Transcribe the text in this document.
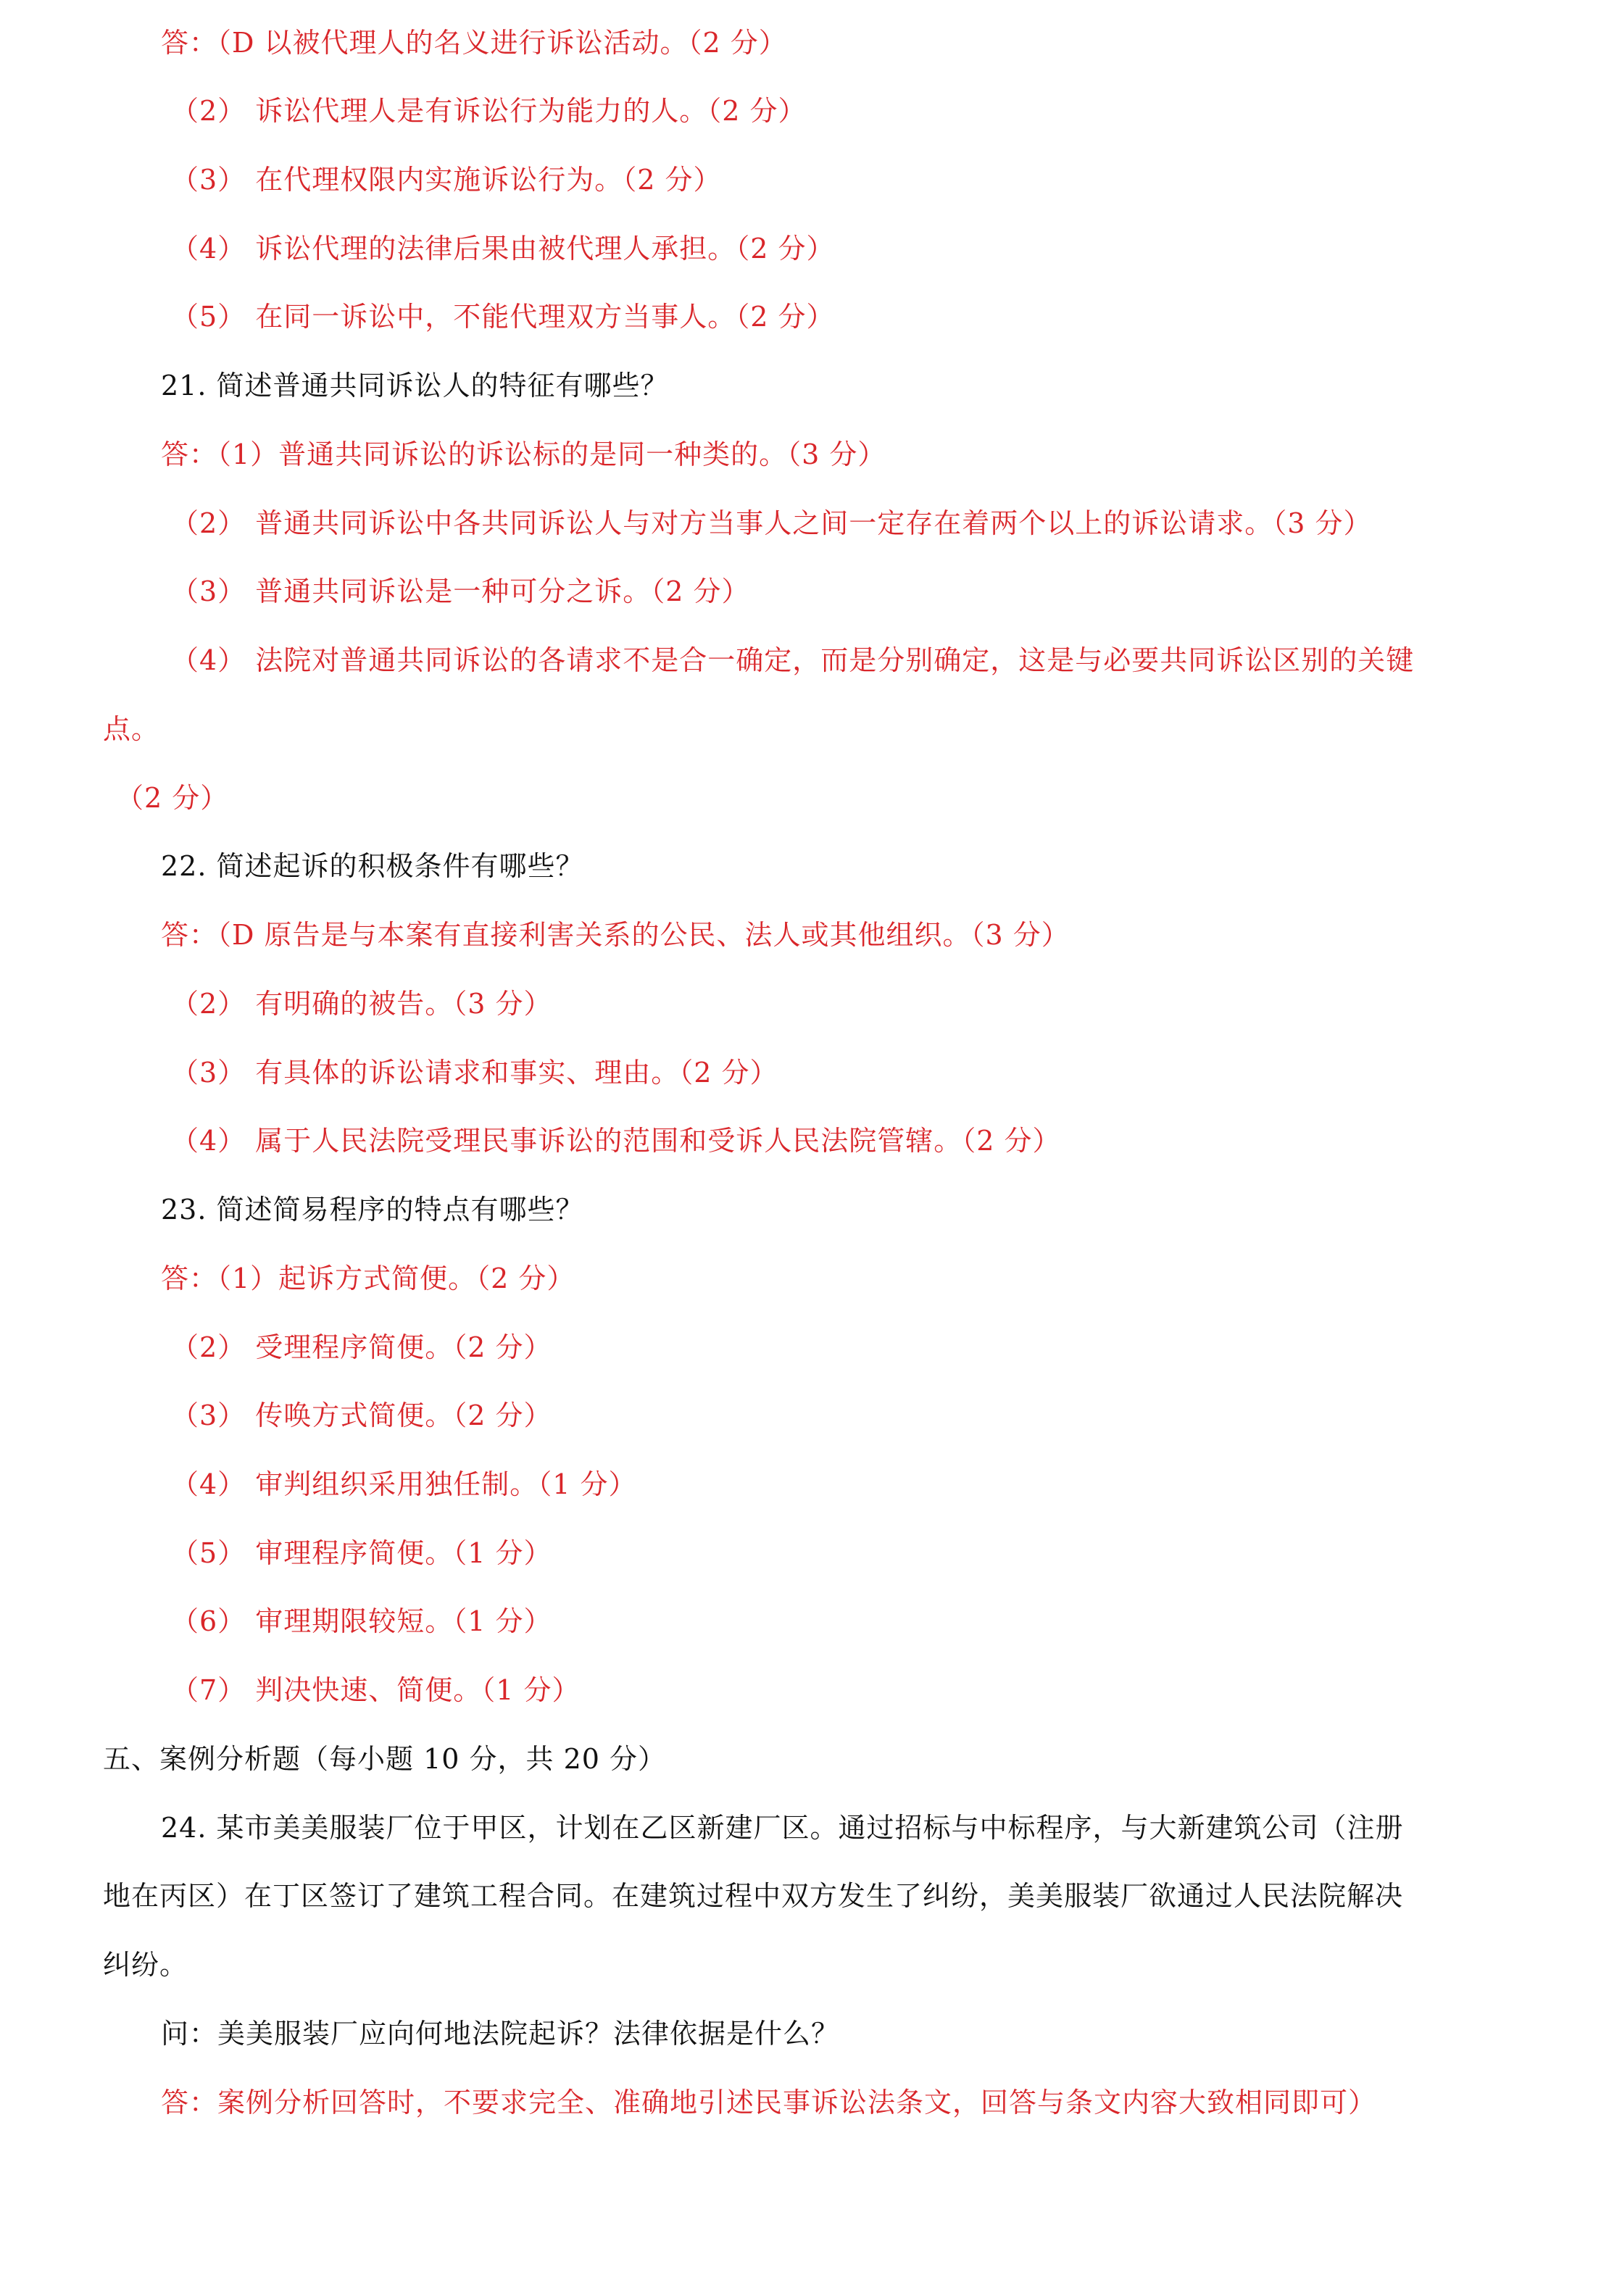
答：（D 以被代理人的名义进行诉讼活动。（2 分）
（2） 诉讼代理人是有诉讼行为能力的人。（2 分）
（3） 在代理权限内实施诉讼行为。（2 分）
（4） 诉讼代理的法律后果由被代理人承担。（2 分）
（5） 在同一诉讼中，不能代理双方当事人。（2 分）
21. 简述普通共同诉讼人的特征有哪些？
答：（1）普通共同诉讼的诉讼标的是同一种类的。（3 分）
（2） 普通共同诉讼中各共同诉讼人与对方当事人之间一定存在着两个以上的诉讼请求。（3 分）
（3） 普通共同诉讼是一种可分之诉。（2 分）
（4） 法院对普通共同诉讼的各请求不是合一确定，而是分别确定，这是与必要共同诉讼区别的关键
点。
（2 分）
22. 简述起诉的积极条件有哪些？
答：（D 原告是与本案有直接利害关系的公民、法人或其他组织。（3 分）
（2） 有明确的被告。（3 分）
（3） 有具体的诉讼请求和事实、理由。（2 分）
（4） 属于人民法院受理民事诉讼的范围和受诉人民法院管辖。（2 分）
23. 简述简易程序的特点有哪些？
答：（1）起诉方式简便。（2 分）
（2） 受理程序简便。（2 分）
（3） 传唤方式简便。（2 分）
（4） 审判组织采用独任制。（1 分）
（5） 审理程序简便。（1 分）
（6） 审理期限较短。（1 分）
（7） 判决快速、简便。（1 分）
五、案例分析题（每小题 10 分，共 20 分）
24. 某市美美服装厂位于甲区，计划在乙区新建厂区。通过招标与中标程序，与大新建筑公司（注册
地在丙区）在丁区签订了建筑工程合同。在建筑过程中双方发生了纠纷，美美服装厂欲通过人民法院解决
纠纷。
问：美美服装厂应向何地法院起诉？法律依据是什么？
答：案例分析回答时，不要求完全、准确地引述民事诉讼法条文，回答与条文内容大致相同即可）
